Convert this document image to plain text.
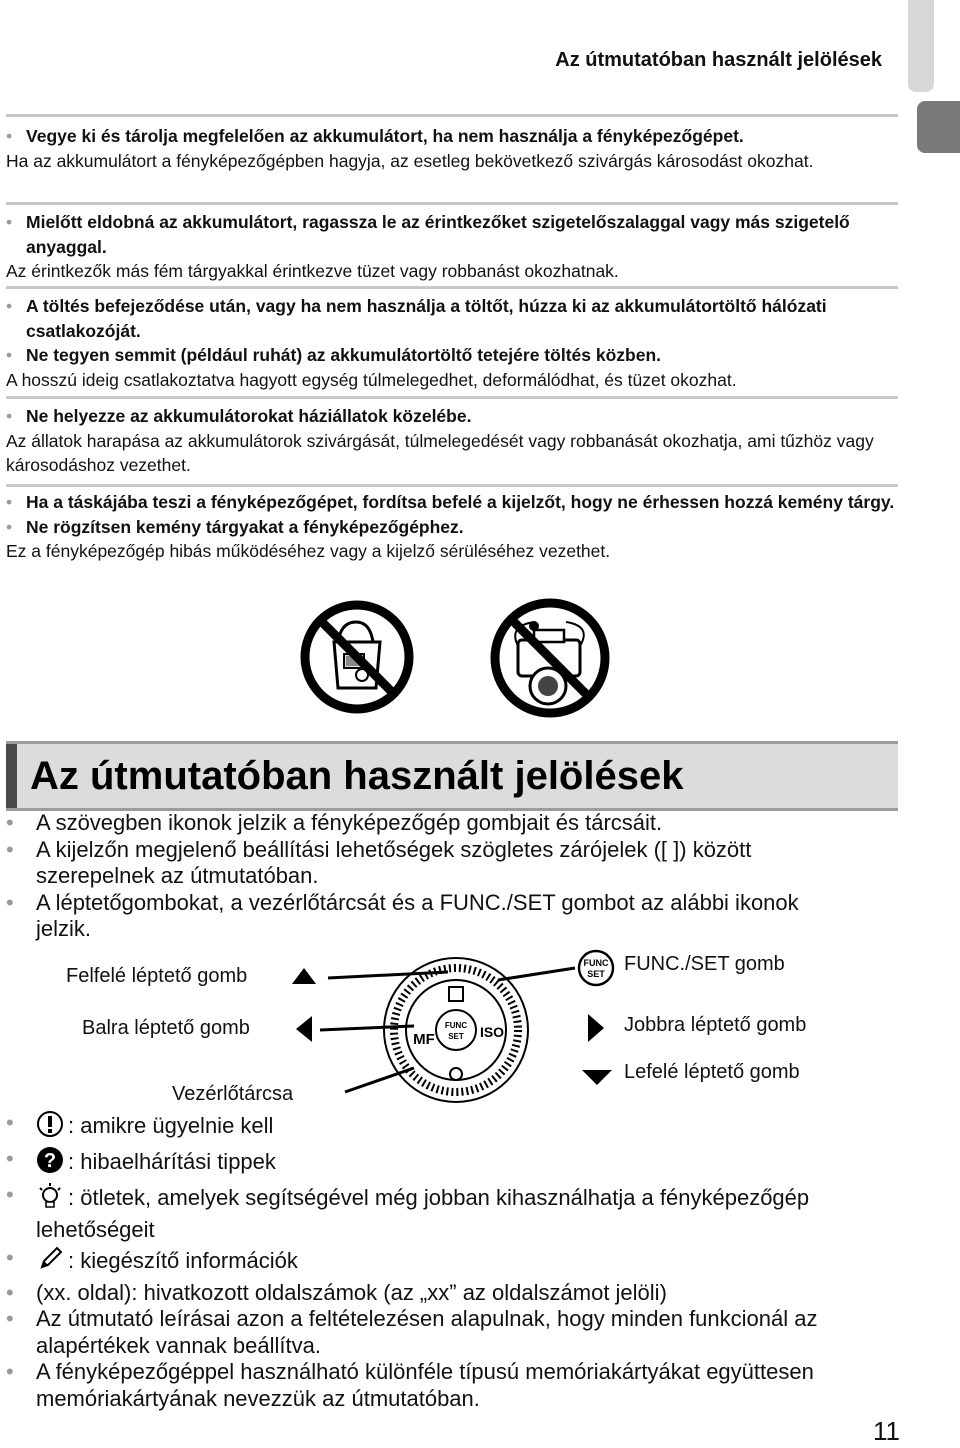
Az útmutatóban használt jelölések
• Vegye ki és tárolja megfelelően az akkumulátort, ha nem használja a fényképezőgépet.
Ha az akkumulátort a fényképezőgépben hagyja, az esetleg bekövetkező szivárgás károsodást okozhat.
• Mielőtt eldobná az akkumulátort, ragassza le az érintkezőket szigetelőszalaggal vagy más szigetelő anyaggal.
Az érintkezők más fém tárgyakkal érintkezve tüzet vagy robbanást okozhatnak.
• A töltés befejeződése után, vagy ha nem használja a töltőt, húzza ki az akkumulátortöltő hálózati csatlakozóját.
• Ne tegyen semmit (például ruhát) az akkumulátortöltő tetejére töltés közben.
A hosszú ideig csatlakoztatva hagyott egység túlmelegedhet, deformálódhat, és tüzet okozhat.
• Ne helyezze az akkumulátorokat háziállatok közelébe.
Az állatok harapása az akkumulátorok szivárgását, túlmelegedését vagy robbanását okozhatja, ami tűzhöz vagy károsodáshoz vezethet.
• Ha a táskájába teszi a fényképezőgépet, fordítsa befelé a kijelzőt, hogy ne érhessen hozzá kemény tárgy.
• Ne rögzítsen kemény tárgyakat a fényképezőgéphez.
Ez a fényképezőgép hibás működéséhez vagy a kijelző sérüléséhez vezethet.
Az útmutatóban használt jelölések
• A szövegben ikonok jelzik a fényképezőgép gombjait és tárcsáit.
• A kijelzőn megjelenő beállítási lehetőségek szögletes zárójelek ([ ]) között szerepelnek az útmutatóban.
• A léptetőgombokat, a vezérlőtárcsát és a FUNC./SET gombot az alábbi ikonok jelzik.
Felfelé léptető gomb
Balra léptető gomb
Vezérlőtárcsa
FUNC./SET gomb
Jobbra léptető gomb
Lefelé léptető gomb
FUNC
SET
FUNC
SET
MF	ISO
• : amikre ügyelnie kell
• ? : hibaelhárítási tippek
• : ötletek, amelyek segítségével még jobban kihasználhatja a fényképezőgép lehetőségeit
• : kiegészítő információk
• (xx. oldal): hivatkozott oldalszámok (az „xx” az oldalszámot jelöli)
• Az útmutató leírásai azon a feltételezésen alapulnak, hogy minden funkcionál az alapértékek vannak beállítva.
• A fényképezőgéppel használható különféle típusú memóriakártyákat együttesen memóriakártyának nevezzük az útmutatóban.
11
